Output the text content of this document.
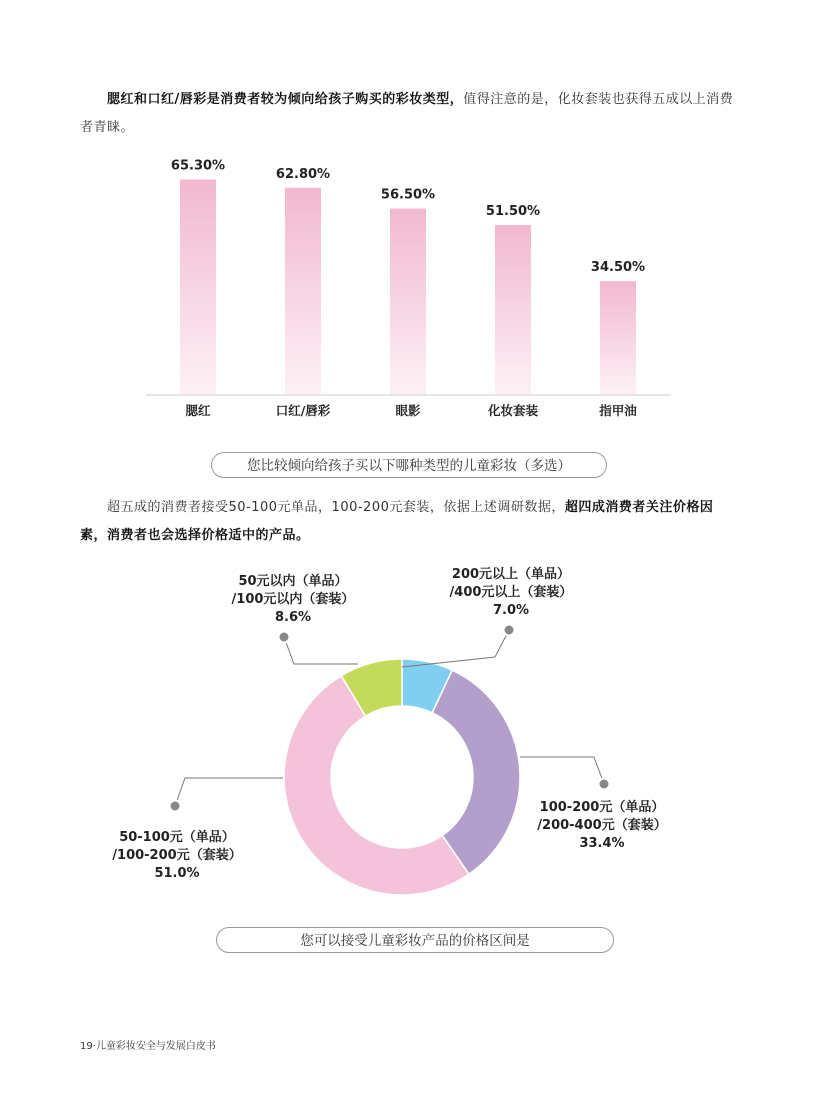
腮红和口红/唇彩是消费者较为倾向给孩子购买的彩妆类型，值得注意的是，化妆套装也获得五成以上消费者青睐。

65.30%
腮红
62.80%
口红/唇彩
56.50%
眼影
51.50%
化妆套装
34.50%
指甲油
您比较倾向给孩子买以下哪种类型的儿童彩妆（多选）

超五成的消费者接受50-100元单品，100-200元套装，依据上述调研数据，超四成消费者关注价格因素，消费者也会选择价格适中的产品。

200元以上（单品）
/400元以上（套装）
7.0%
100-200元（单品）
/200-400元（套装）
33.4%
50-100元（单品）
/100-200元（套装）
51.0%
50元以内（单品）
/100元以内（套装）
8.6%
您可以接受儿童彩妆产品的价格区间是
19·儿童彩妆安全与发展白皮书
